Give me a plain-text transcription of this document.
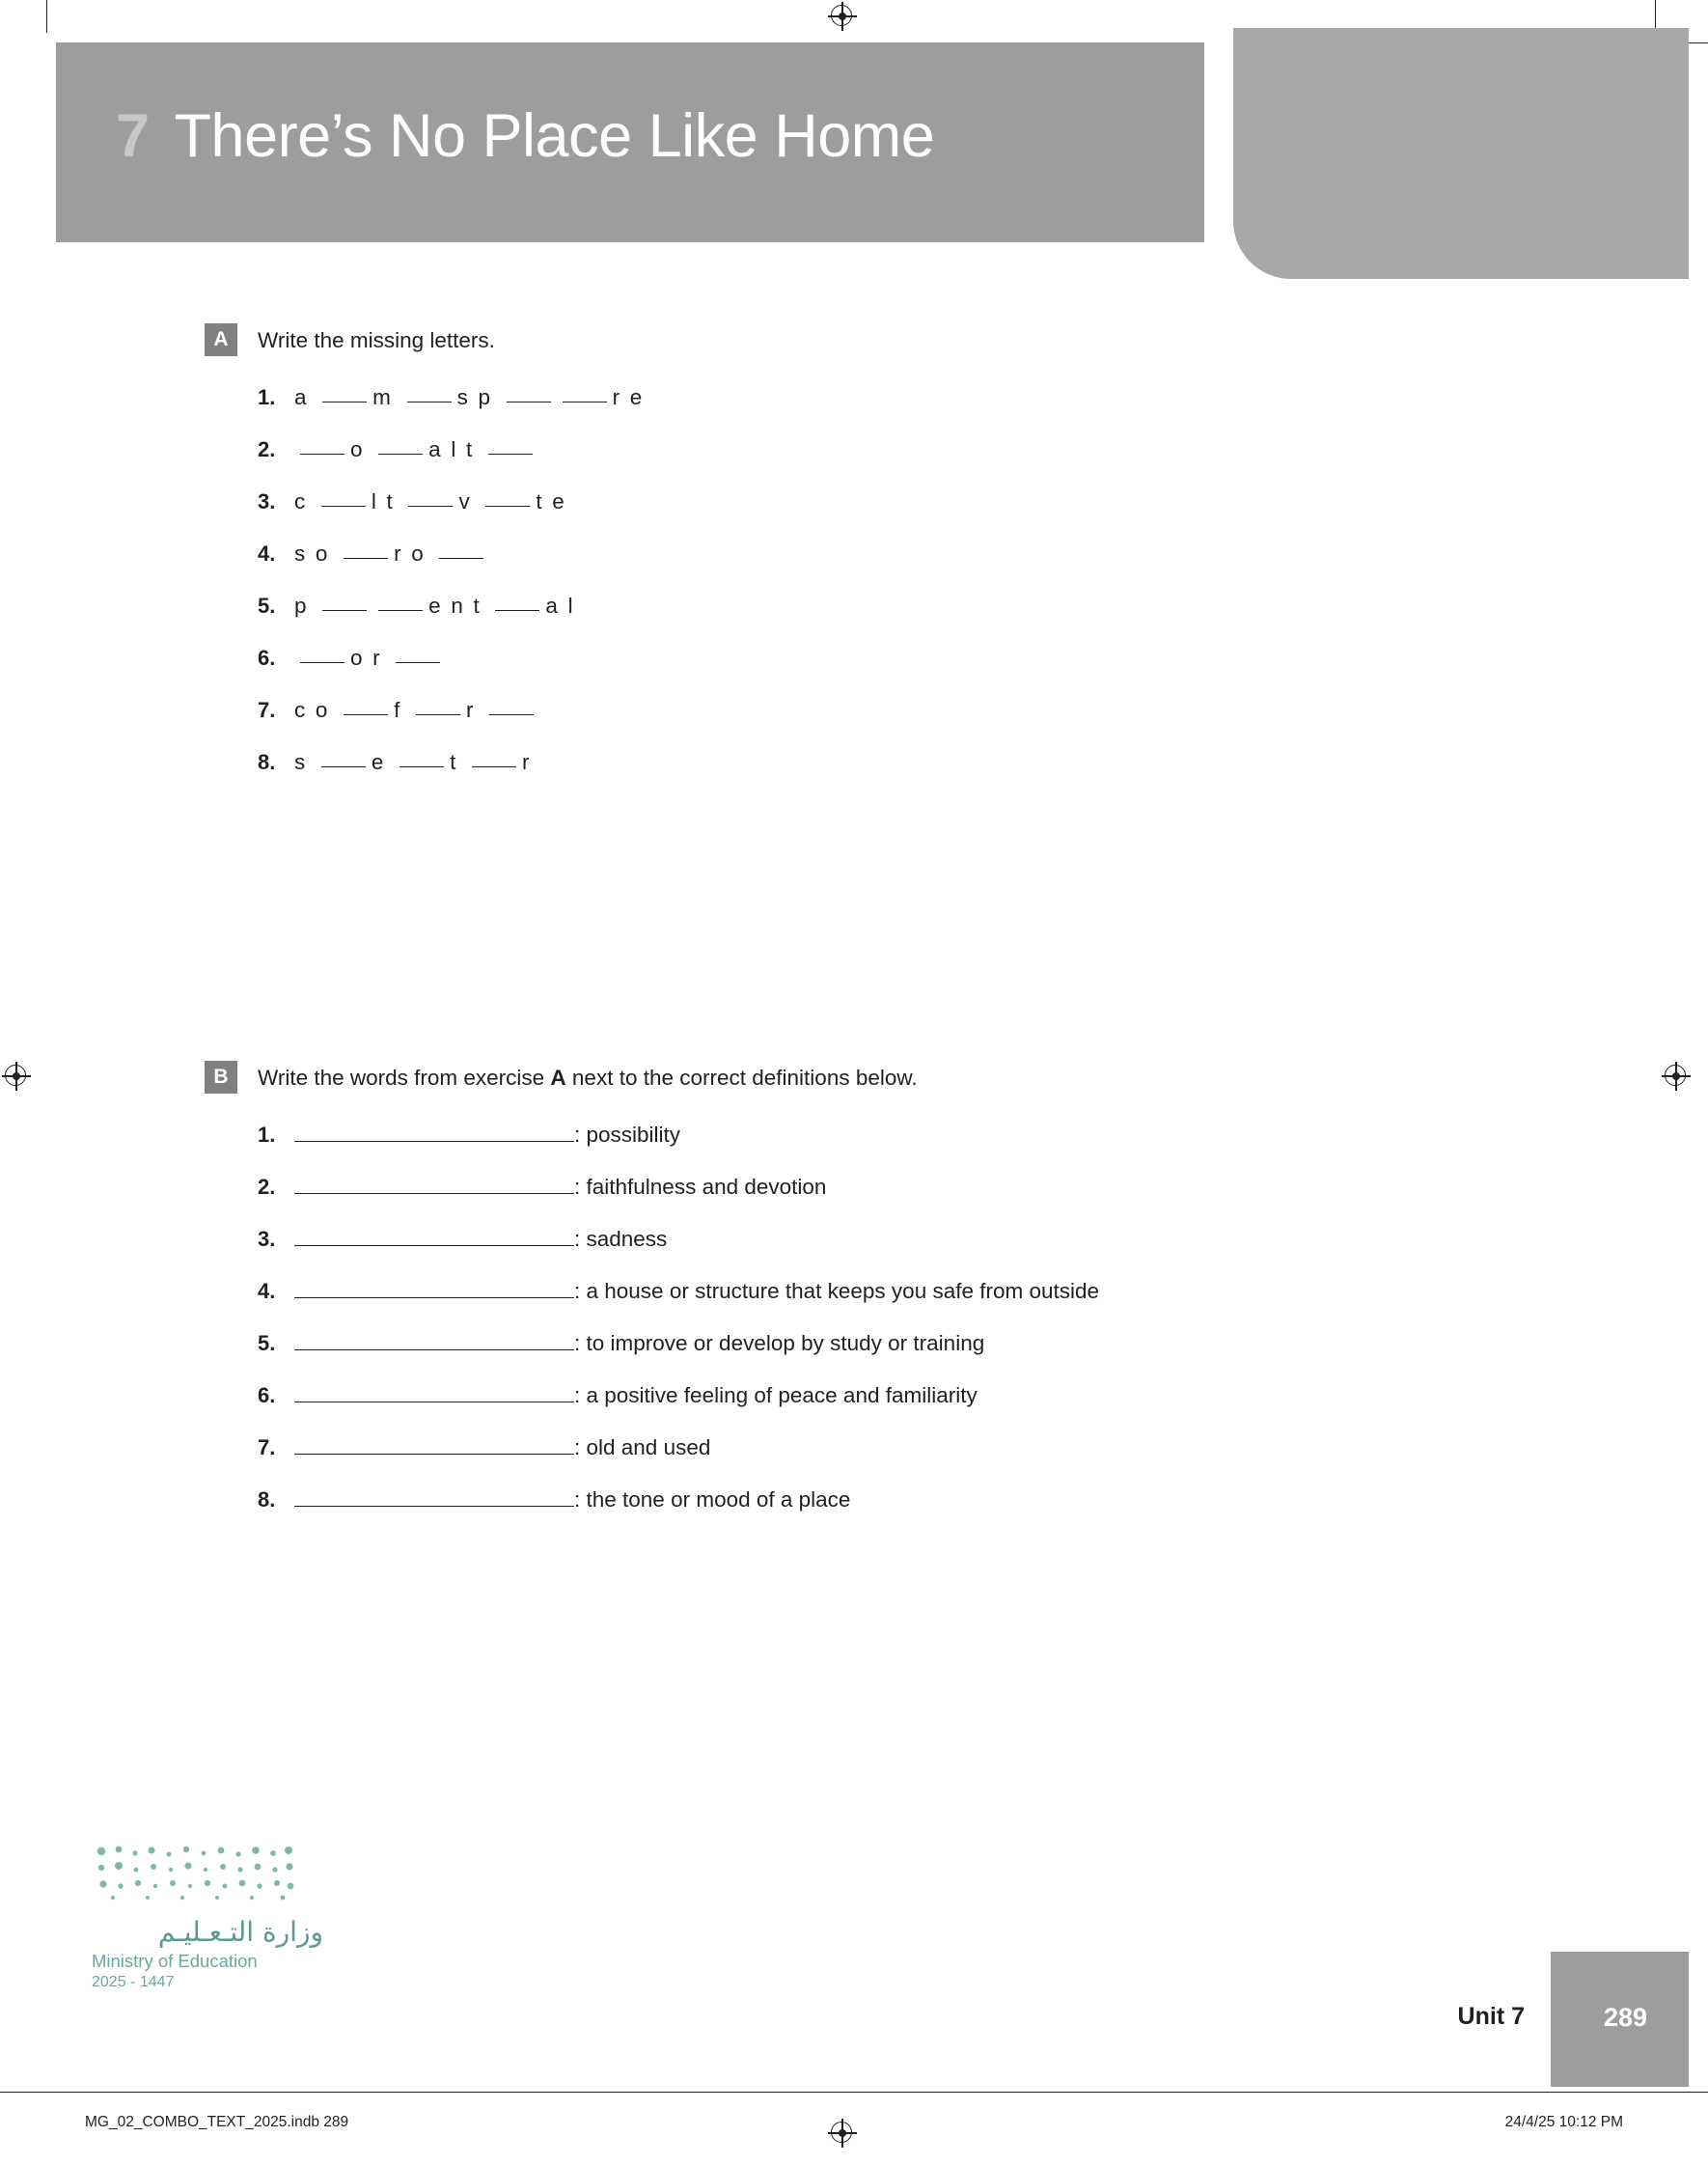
7 There’s No Place Like Home
Part
A	Write the missing letters.
1. a	m	s p	r e
2.	o	a l t
3. c	l t	v	t e
4. s o	r o
5. p	e n t	a l
6.	o r
7. c o	f	r
8. s	e	t	r
B	Write the words from exercise A next to the correct definitions below.
1.	: possibility
2.	: faithfulness and devotion
3.	: sadness
4.	: a house or structure that keeps you safe from outside
5.	: to improve or develop by study or training
6.	: a positive feeling of peace and familiarity
7.	: old and used
8.	: the tone or mood of a place
وزارة التـعـليـم
Ministry of Education
2025 - 1447
289
Unit 7
MG_02_COMBO_TEXT_2025.indb 289	24/4/25 10:12 PM
